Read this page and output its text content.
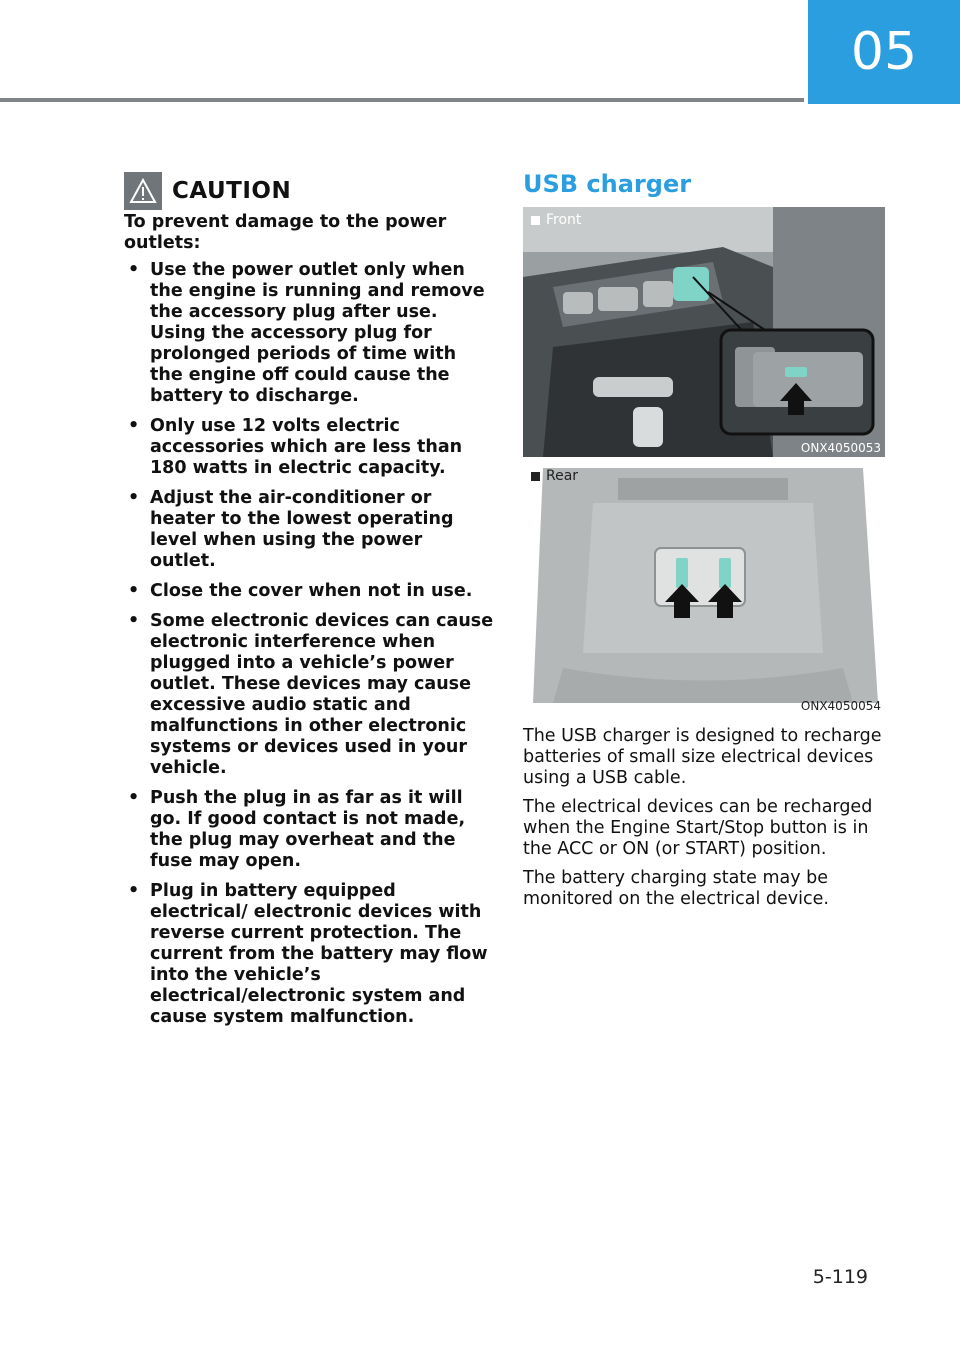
05
CAUTION
To prevent damage to the power outlets:
• Use the power outlet only when the engine is running and remove the accessory plug after use. Using the accessory plug for prolonged periods of time with the engine off could cause the battery to discharge.
• Only use 12 volts electric accessories which are less than 180 watts in electric capacity.
• Adjust the air-conditioner or heater to the lowest operating level when using the power outlet.
• Close the cover when not in use.
• Some electronic devices can cause electronic interference when plugged into a vehicle’s power outlet. These devices may cause excessive audio static and malfunctions in other electronic systems or devices used in your vehicle.
• Push the plug in as far as it will go. If good contact is not made, the plug may overheat and the fuse may open.
• Plug in battery equipped electrical/ electronic devices with reverse current protection. The current from the battery may flow into the vehicle’s electrical/electronic system and cause system malfunction.
USB charger
Front
ONX4050053
Rear
ONX4050054

The USB charger is designed to recharge batteries of small size electrical devices using a USB cable.

The electrical devices can be recharged when the Engine Start/Stop button is in the ACC or ON (or START) position.

The battery charging state may be monitored on the electrical device.

5-119
